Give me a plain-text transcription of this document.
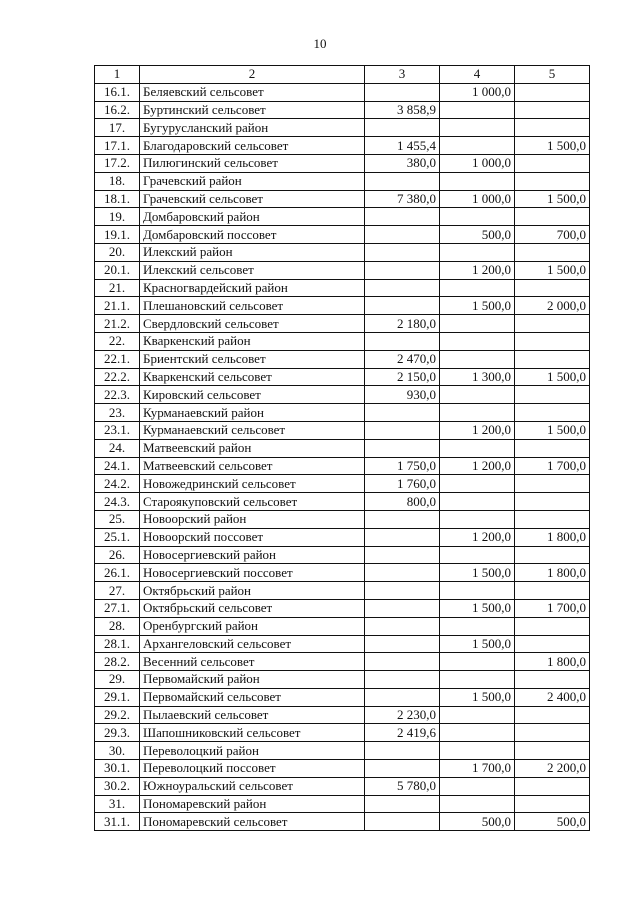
10
1	2	3	4	5
16.1.	Беляевский сельсовет		1 000,0	
16.2.	Буртинский сельсовет	3 858,9		
17.	Бугурусланский район			
17.1.	Благодаровский сельсовет	1 455,4		1 500,0
17.2.	Пилюгинский сельсовет	380,0	1 000,0	
18.	Грачевский район			
18.1.	Грачевский сельсовет	7 380,0	1 000,0	1 500,0
19.	Домбаровский район			
19.1.	Домбаровский поссовет		500,0	700,0
20.	Илекский район			
20.1.	Илекский сельсовет		1 200,0	1 500,0
21.	Красногвардейский район			
21.1.	Плешановский сельсовет		1 500,0	2 000,0
21.2.	Свердловский сельсовет	2 180,0		
22.	Кваркенский район			
22.1.	Бриентский сельсовет	2 470,0		
22.2.	Кваркенский сельсовет	2 150,0	1 300,0	1 500,0
22.3.	Кировский сельсовет	930,0		
23.	Курманаевский район			
23.1.	Курманаевский сельсовет		1 200,0	1 500,0
24.	Матвеевский район			
24.1.	Матвеевский сельсовет	1 750,0	1 200,0	1 700,0
24.2.	Новожедринский сельсовет	1 760,0		
24.3.	Староякуповский сельсовет	800,0		
25.	Новоорский район			
25.1.	Новоорский поссовет		1 200,0	1 800,0
26.	Новосергиевский район			
26.1.	Новосергиевский поссовет		1 500,0	1 800,0
27.	Октябрьский район			
27.1.	Октябрьский сельсовет		1 500,0	1 700,0
28.	Оренбургский район			
28.1.	Архангеловский сельсовет		1 500,0	
28.2.	Весенний сельсовет			1 800,0
29.	Первомайский район			
29.1.	Первомайский сельсовет		1 500,0	2 400,0
29.2.	Пылаевский сельсовет	2 230,0		
29.3.	Шапошниковский сельсовет	2 419,6		
30.	Переволоцкий район			
30.1.	Переволоцкий поссовет		1 700,0	2 200,0
30.2.	Южноуральский сельсовет	5 780,0		
31.	Пономаревский район			
31.1.	Пономаревский сельсовет		500,0	500,0
